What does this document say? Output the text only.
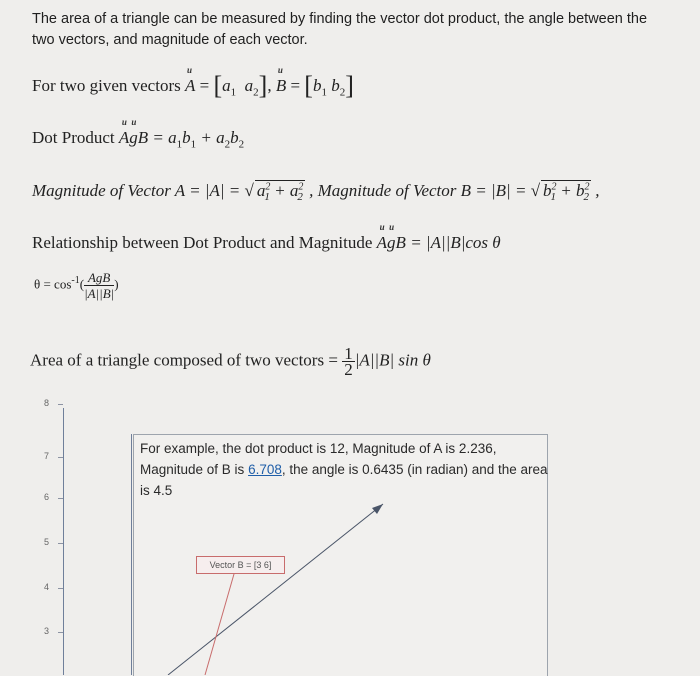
The area of a triangle can be measured by finding the vector dot product, the angle between the two vectors, and magnitude of each vector.
For two given vectors
u
$A = [a_1$ $a_2$],
u
$B = [b_1$ $b_2$]
Dot Product
u  u
AgB = $a_1b_1 + a_2b_2$
Magnitude of Vector A = |A| = √ $a^2_1 + a^2_2$ , Magnitude of Vector B = |B| = √ $b^2_1 + b^2_2$ ,
Relationship between Dot Product and Magnitude
u  u
AgB = |A||B|cos θ
$\theta = \cos^{-1}( \frac{\text{AgB}}{|A||B|}$ )
Area of a triangle composed of two vectors = $\frac{1}{2} |A||B|$ sin θ
8
7
6
5
4
3
For example, the dot product is 12, Magnitude of A is 2.236, Magnitude of B is 6.708, the angle is 0.6435 (in radian) and the area is 4.5
Vector B = [3 6]
